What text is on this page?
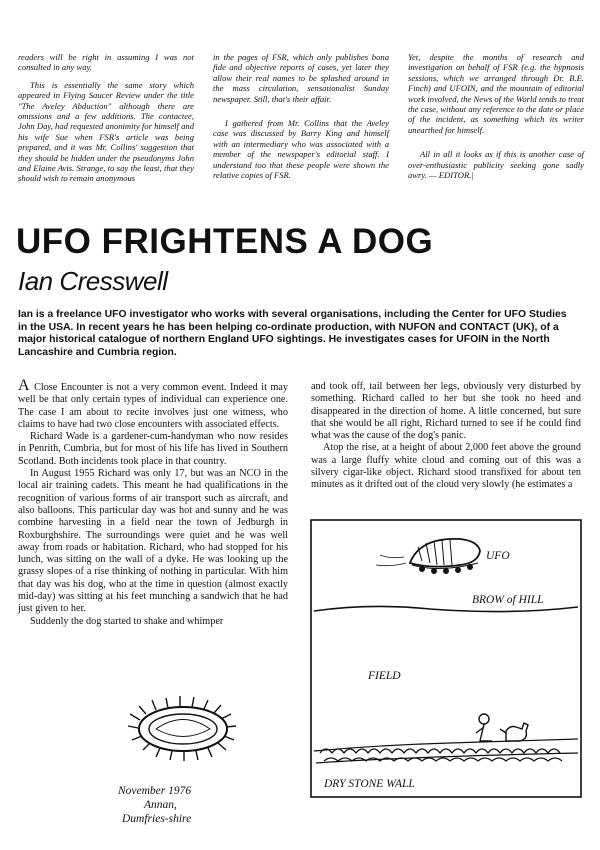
readers will be right in assuming I was not consulted in any way.

This is essentially the same story which appeared in Flying Saucer Review under the title "The Aveley Abduction" although there are omissions and a few additions. The contactee, John Day, had requested anonimity for himself and his wife Sue when FSR's article was being prepared, and it was Mr. Collins' suggestion that they should be hidden under the pseudonyms John and Elaine Avis. Strange, to say the least, that they should wish to remain anonymous

in the pages of FSR, which only publishes bona fide and objective reports of cases, yet later they allow their real names to be splashed around in the mass circulation, sensationalist Sunday newspaper. Still, that's their affair.

I gathered from Mr. Collins that the Aveley case was discussed by Barry King and himself with an intermediary who was associated with a member of the newspaper's editorial staff. I understand too that these people were shown the relative copies of FSR.

Yet, despite the months of research and investigation on behalf of FSR (e.g. the hypnosis sessions, which we arranged through Dr. B.E. Finch) and UFOIN, and the mountain of editorial work involved, the News of the World tends to treat the case, without any reference to the date or place of the incident, as something which its writer unearthed for himself.

All in all it looks as if this is another case of over-enthusiastic publicity seeking gone sadly awry. — EDITOR.|

UFO FRIGHTENS A DOG
Ian Cresswell
Ian is a freelance UFO investigator who works with several organisations, including the Center for UFO Studies in the USA. In recent years he has been helping co-ordinate production, with NUFON and CONTACT (UK), of a major historical catalogue of northern England UFO sightings. He investigates cases for UFOIN in the North Lancashire and Cumbria region.

A Close Encounter is not a very common event. Indeed it may well be that only certain types of individual can experience one. The case I am about to recite involves just one witness, who claims to have had two close encounters with associated effects.

Richard Wade is a gardener-cum-handyman who now resides in Penrith, Cumbria, but for most of his life has lived in Southern Scotland. Both incidents took place in that country.

In August 1955 Richard was only 17, but was an NCO in the local air training cadets. This meant he had qualifications in the recognition of various forms of air transport such as aircraft, and also balloons. This particular day was hot and sunny and he was combine harvesting in a field near the town of Jedburgh in Roxburghshire. The surroundings were quiet and he was well away from roads or habitation. Richard, who had stopped for his lunch, was sitting on the wall of a dyke. He was looking up the grassy slopes of a rise thinking of nothing in particular. With him that day was his dog, who at the time in question (almost exactly mid-day) was sitting at his feet munching a sandwich that he had just given to her.

Suddenly the dog started to shake and whimper

November 1976
Annan,
Dumfries-shire

and took off, tail between her legs, obviously very disturbed by something. Richard called to her but she took no heed and disappeared in the direction of home. A little concerned, but sure that she would be all right, Richard turned to see if he could find what was the cause of the dog's panic.

Atop the rise, at a height of about 2,000 feet above the ground was a large fluffy white cloud and coming out of this was a silvery cigar-like object. Richard stood transfixed for about ten minutes as it drifted out of the cloud very slowly (he estimates a

UFO
BROW of HILL
FIELD
DRY STONE WALL
